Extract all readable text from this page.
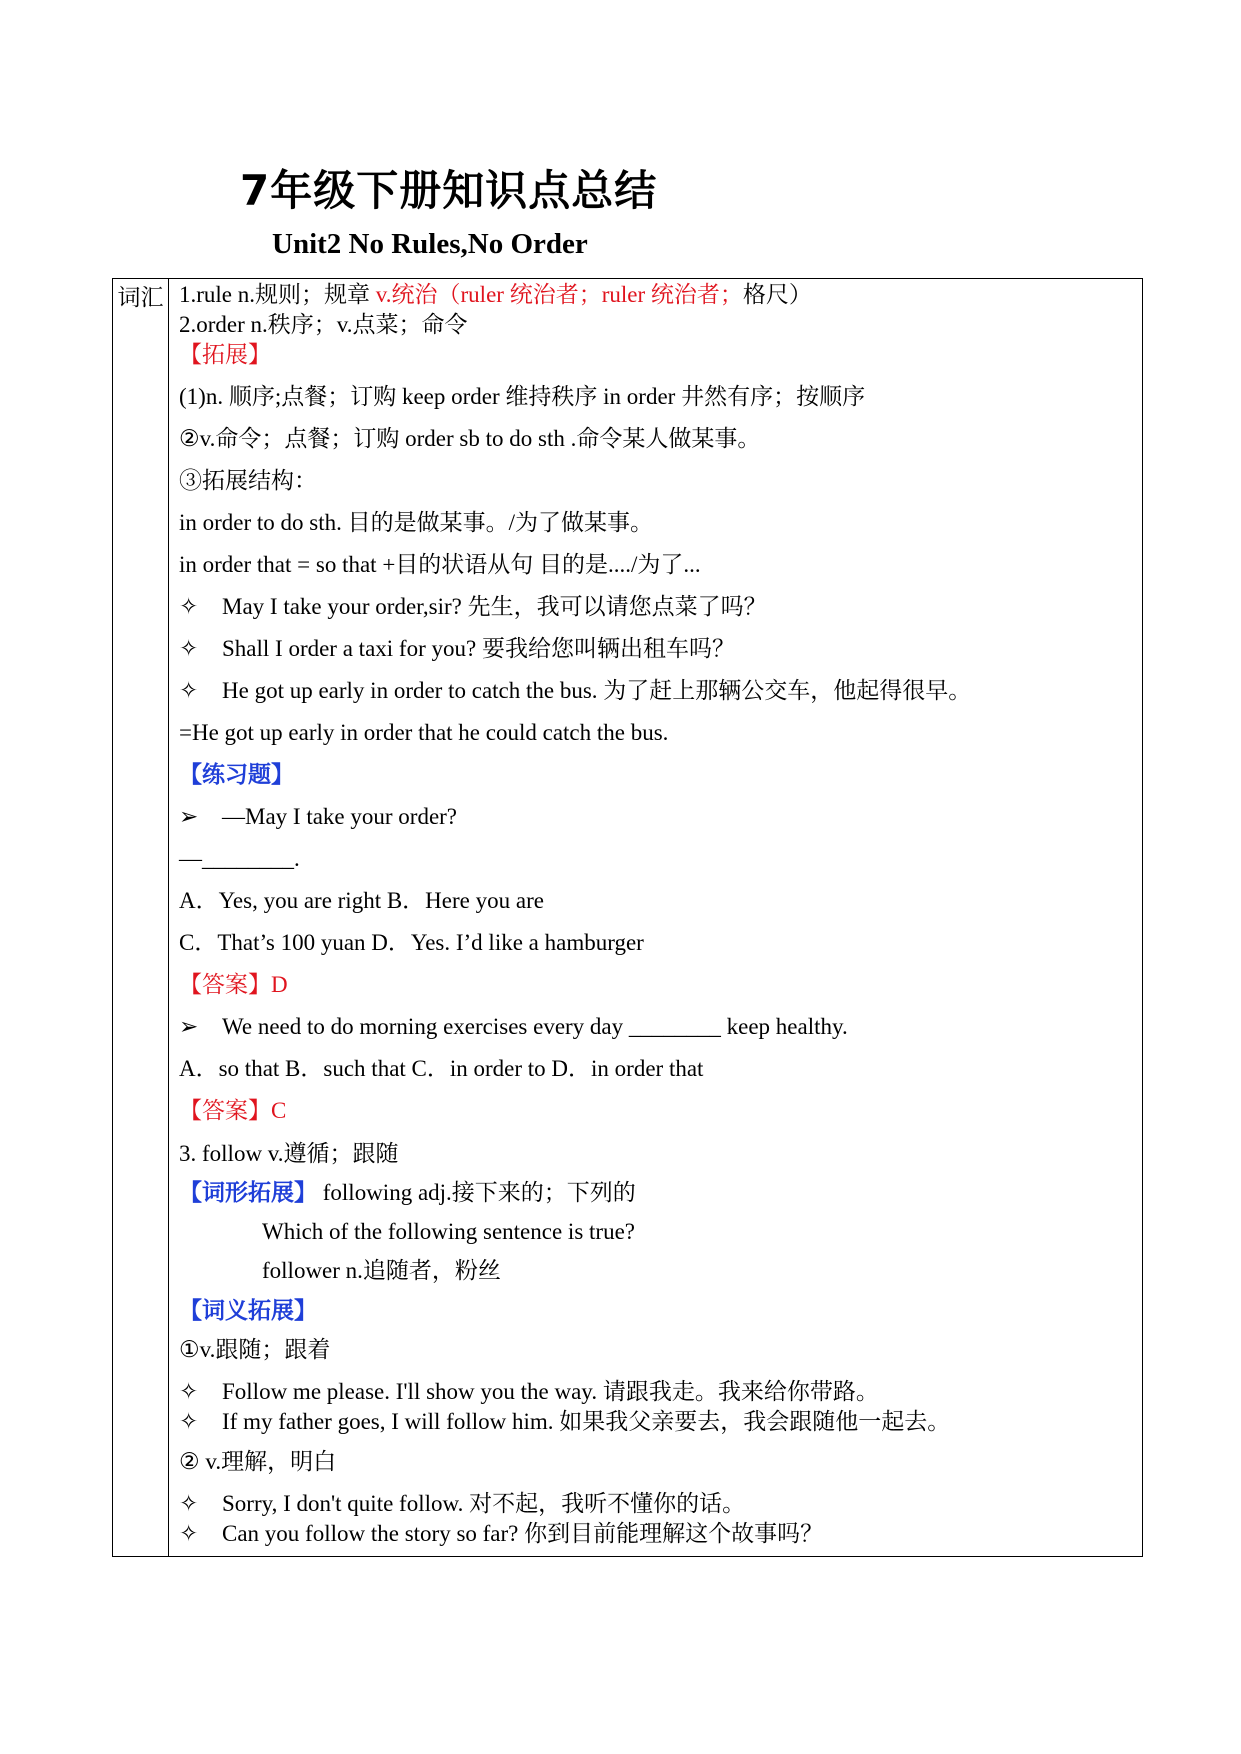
7年级下册知识点总结
Unit2 No Rules,No Order
词汇 1.rule n.规则；规章 v.统治（ruler 统治者；ruler 统治者；格尺）
2.order n.秩序；v.点菜；命令
【拓展】
(1)n. 顺序;点餐；订购 keep order 维持秩序 in order 井然有序；按顺序
②v.命令；点餐；订购 order sb to do sth .命令某人做某事。
③拓展结构：
in order to do sth. 目的是做某事。/为了做某事。
in order that = so that +目的状语从句 目的是..../为了...
✧ May I take your order,sir? 先生，我可以请您点菜了吗？
✧ Shall I order a taxi for you? 要我给您叫辆出租车吗？
✧ He got up early in order to catch the bus. 为了赶上那辆公交车，他起得很早。
=He got up early in order that he could catch the bus.
【练习题】
➢ —May I take your order?
—________.
A．Yes, you are right B．Here you are
C．That’s 100 yuan D．Yes. I’d like a hamburger
【答案】D
➢ We need to do morning exercises every day ________ keep healthy.
A．so that B．such that C．in order to D．in order that
【答案】C
3. follow v.遵循；跟随
【词形拓展】 following adj.接下来的；下列的
Which of the following sentence is true?
follower n.追随者，粉丝
【词义拓展】
①v.跟随；跟着
✧ Follow me please. I'll show you the way. 请跟我走。我来给你带路。
✧ If my father goes, I will follow him. 如果我父亲要去，我会跟随他一起去。
② v.理解，明白
✧ Sorry, I don't quite follow. 对不起，我听不懂你的话。
✧ Can you follow the story so far? 你到目前能理解这个故事吗？
